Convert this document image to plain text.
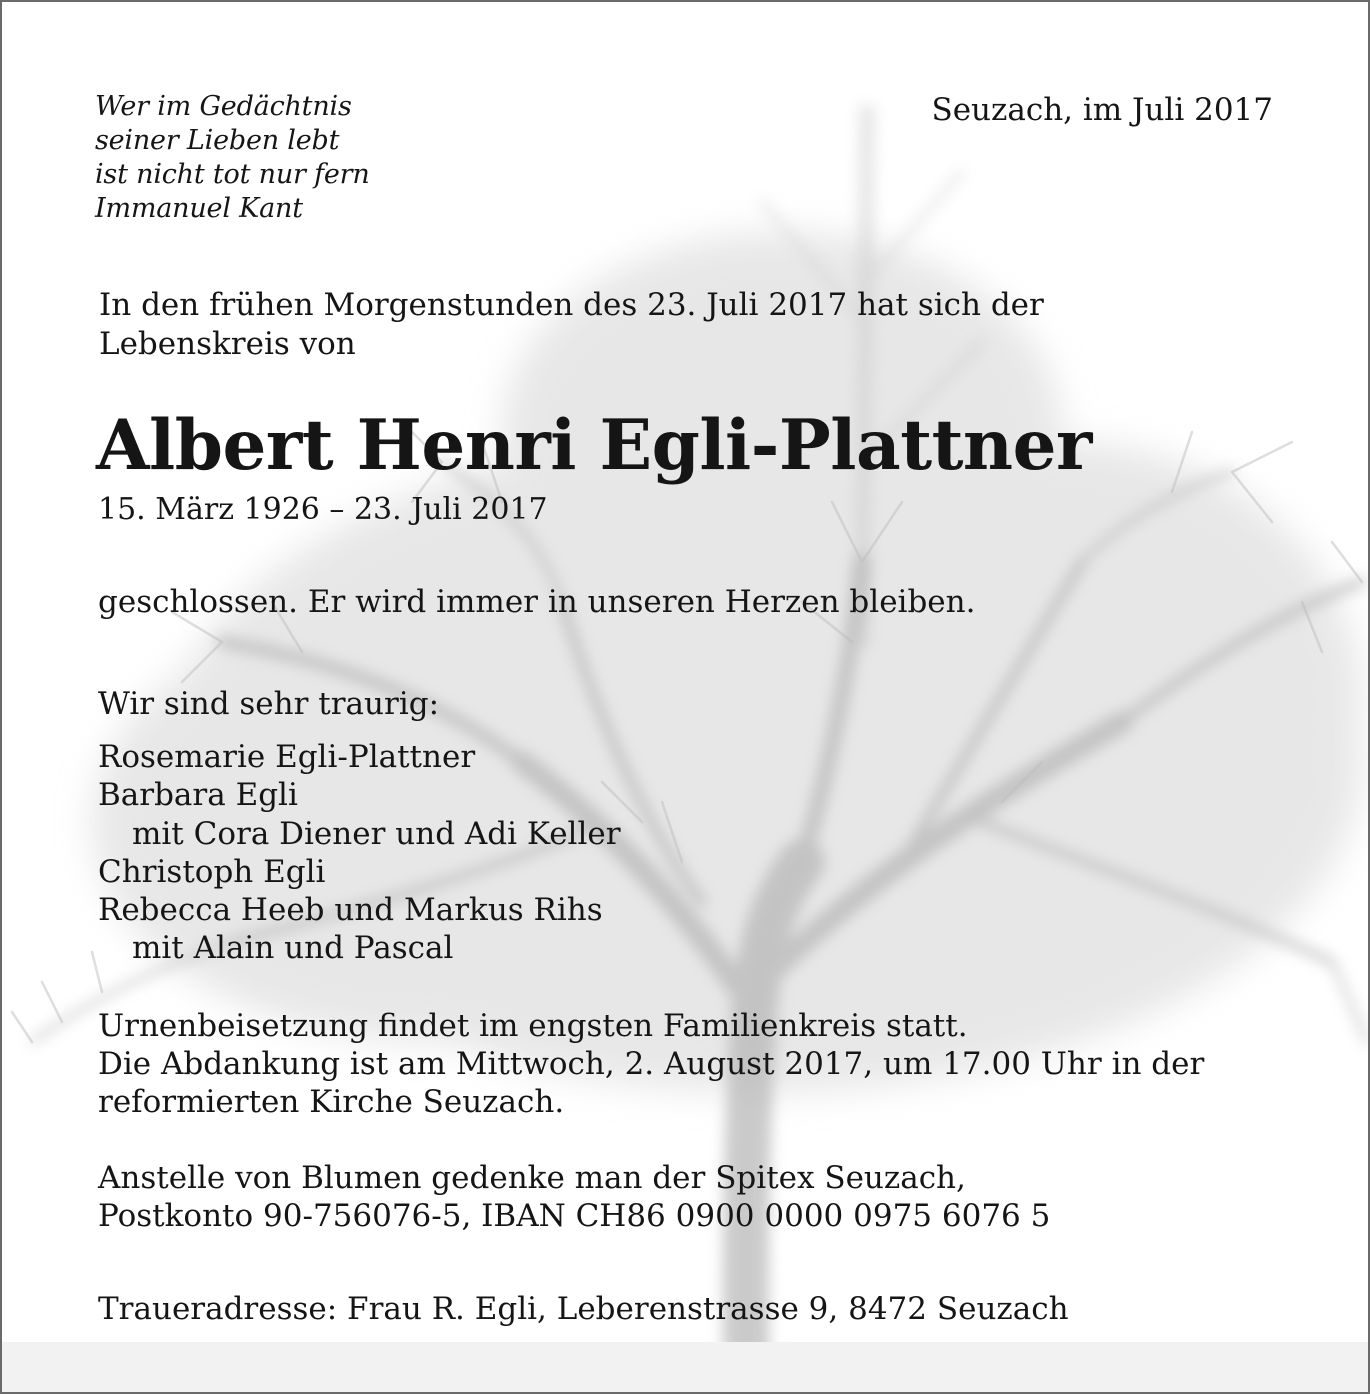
Wer im Gedächtnis
seiner Lieben lebt
ist nicht tot nur fern
Immanuel Kant
Seuzach, im Juli 2017
In den frühen Morgenstunden des 23. Juli 2017 hat sich der
Lebenskreis von
Albert Henri Egli-Plattner
15. März 1926 – 23. Juli 2017
geschlossen. Er wird immer in unseren Herzen bleiben.
Wir sind sehr traurig:
Rosemarie Egli-Plattner
Barbara Egli
mit Cora Diener und Adi Keller
Christoph Egli
Rebecca Heeb und Markus Rihs
mit Alain und Pascal
Urnenbeisetzung findet im engsten Familienkreis statt.
Die Abdankung ist am Mittwoch, 2. August 2017, um 17.00 Uhr in der
reformierten Kirche Seuzach.
Anstelle von Blumen gedenke man der Spitex Seuzach,
Postkonto 90-756076-5, IBAN CH86 0900 0000 0975 6076 5
Traueradresse: Frau R. Egli, Leberenstrasse 9, 8472 Seuzach
